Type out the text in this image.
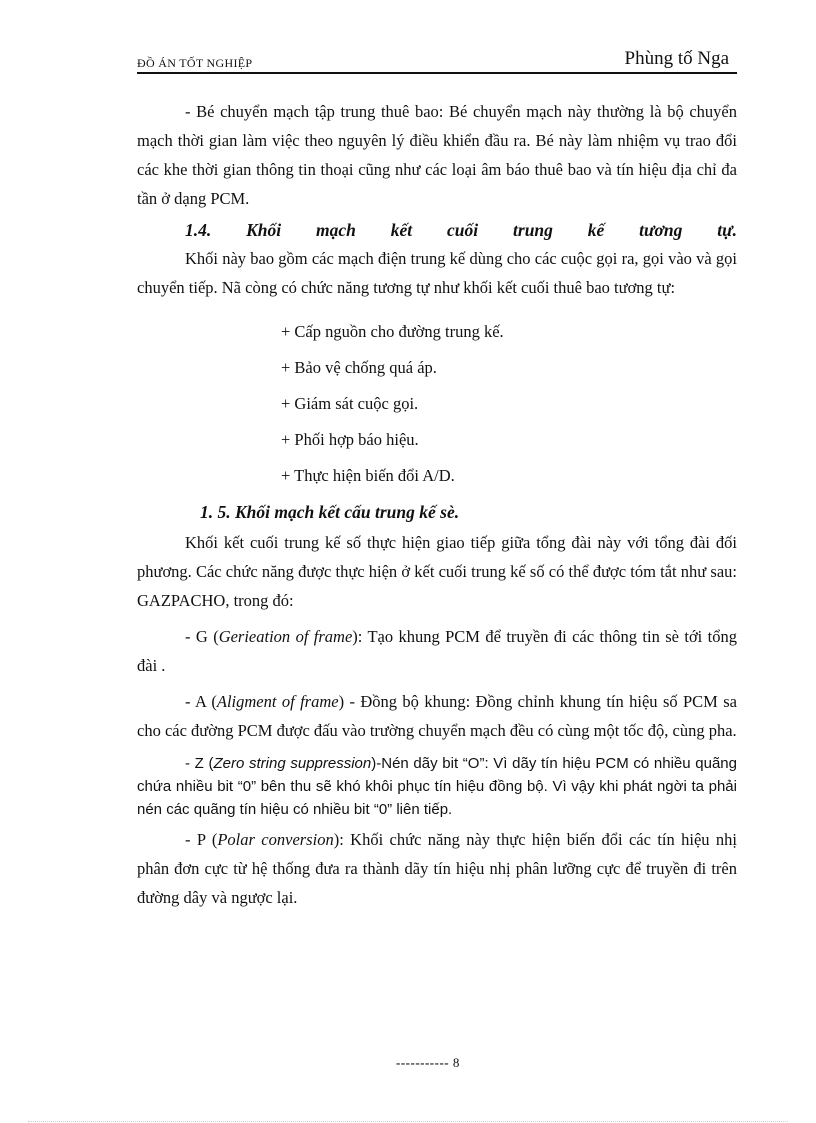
ĐỒ ÁN TỐT NGHIỆP	Phùng tố Nga

- Bé chuyển mạch tập trung thuê bao: Bé chuyển mạch này thường là bộ chuyển mạch thời gian làm việc theo nguyên lý điều khiển đầu ra. Bé này làm nhiệm vụ trao đổi các khe thời gian thông tin thoại cũng như các loại âm báo thuê bao và tín hiệu địa chỉ đa tần ở dạng PCM.

1.4. Khối mạch kết cuối trung kế tương tự.

Khối này bao gồm các mạch điện trung kế dùng cho các cuộc gọi ra, gọi vào và gọi chuyển tiếp. Nã còng có chức năng tương tự như khối kết cuối thuê bao tương tự:

+ Cấp nguồn cho đường trung kế.
+ Bảo vệ chống quá áp.
+ Giám sát cuộc gọi.
+ Phối hợp báo hiệu.
+ Thực hiện biến đổi A/D.
1. 5. Khối mạch kết cấu trung kế sè.

Khối kết cuối trung kế số thực hiện giao tiếp giữa tổng đài này với tổng đài đối phương. Các chức năng được thực hiện ở kết cuối trung kế số có thể được tóm tắt như sau: GAZPACHO, trong đó:

- G (Gerieation of frame): Tạo khung PCM để truyền đi các thông tin sè tới tổng đài .

- A (Aligment of frame) - Đồng bộ khung: Đồng chỉnh khung tín hiệu số PCM sa cho các đường PCM được đấu vào trường chuyển mạch đều có cùng một tốc độ, cùng pha.

- Z (Zero string suppression)-Nén dãy bit “O”: Vì dãy tín hiệu PCM có nhiều quãng chứa nhiều bit “0” bên thu sẽ khó khôi phục tín hiệu đồng bộ. Vì vậy khi phát ngời ta phải nén các quãng tín hiệu có nhiều bit “0” liên tiếp.

- P (Polar conversion): Khối chức năng này thực hiện biến đổi các tín hiệu nhị phân đơn cực từ hệ thống đưa ra thành dãy tín hiệu nhị phân lưỡng cực để truyền đi trên đường dây và ngược lại.

----------- 8
